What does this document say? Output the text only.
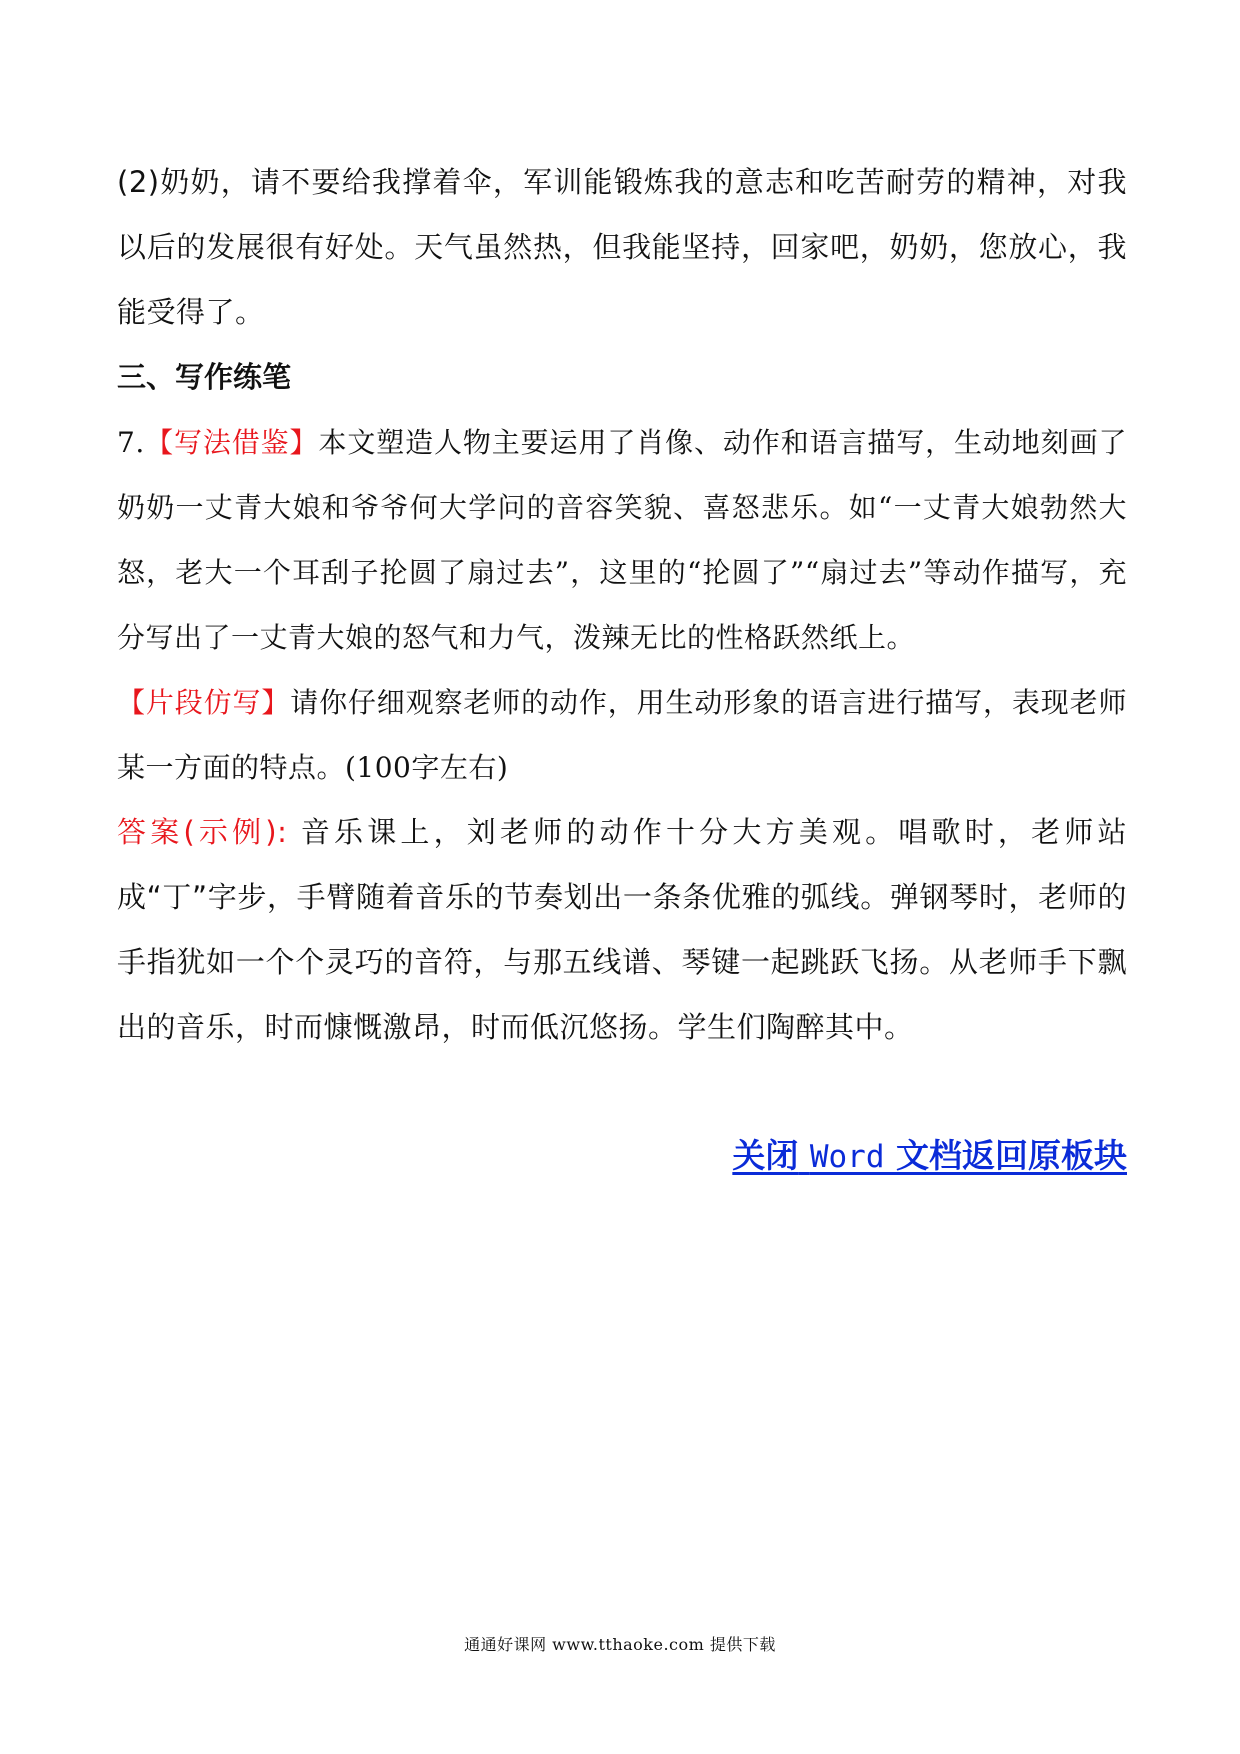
(2)奶奶，请不要给我撑着伞，军训能锻炼我的意志和吃苦耐劳的精神，对我以后的发展很有好处。天气虽然热，但我能坚持，回家吧，奶奶，您放心，我能受得了。

三、写作练笔

7.【写法借鉴】本文塑造人物主要运用了肖像、动作和语言描写，生动地刻画了奶奶一丈青大娘和爷爷何大学问的音容笑貌、喜怒悲乐。如“一丈青大娘勃然大怒，老大一个耳刮子抡圆了扇过去”，这里的“抡圆了”“扇过去”等动作描写，充分写出了一丈青大娘的怒气和力气，泼辣无比的性格跃然纸上。

【片段仿写】请你仔细观察老师的动作，用生动形象的语言进行描写，表现老师某一方面的特点。(100字左右)

答案(示例): 音乐课上，刘老师的动作十分大方美观。唱歌时，老师站成“丁”字步，手臂随着音乐的节奏划出一条条优雅的弧线。弹钢琴时，老师的手指犹如一个个灵巧的音符，与那五线谱、琴键一起跳跃飞扬。从老师手下飘出的音乐，时而慷慨激昂，时而低沉悠扬。学生们陶醉其中。

关闭 Word 文档返回原板块
通通好课网 www.tthaoke.com 提供下载
